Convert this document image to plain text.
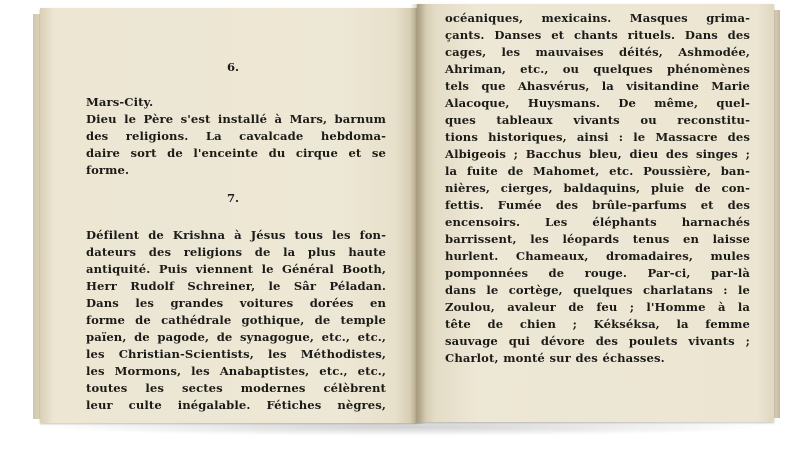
6.
Mars-City.
Dieu le Père s'est installé à Mars, barnum
des religions. La cavalcade hebdoma-
daire sort de l'enceinte du cirque et se
forme.
7.
Défilent de Krishna à Jésus tous les fon-
dateurs des religions de la plus haute
antiquité. Puis viennent le Général Booth,
Herr Rudolf Schreiner, le Sâr Péladan.
Dans les grandes voitures dorées en
forme de cathédrale gothique, de temple
païen, de pagode, de synagogue, etc., etc.,
les Christian-Scientists, les Méthodistes,
les Mormons, les Anabaptistes, etc., etc.,
toutes les sectes modernes célèbrent
leur culte inégalable. Fétiches nègres,
océaniques, mexicains. Masques grima-
çants. Danses et chants rituels. Dans des
cages, les mauvaises déités, Ashmodée,
Ahriman, etc., ou quelques phénomènes
tels que Ahasvérus, la visitandine Marie
Alacoque, Huysmans. De même, quel-
ques tableaux vivants ou reconstitu-
tions historiques, ainsi : le Massacre des
Albigeois ; Bacchus bleu, dieu des singes ;
la fuite de Mahomet, etc. Poussière, ban-
nières, cierges, baldaquins, pluie de con-
fettis. Fumée des brûle-parfums et des
encensoirs. Les éléphants harnachés
barrissent, les léopards tenus en laisse
hurlent. Chameaux, dromadaires, mules
pomponnées de rouge. Par-ci, par-là
dans le cortège, quelques charlatans : le
Zoulou, avaleur de feu ; l'Homme à la
tête de chien ; Kékséksa, la femme
sauvage qui dévore des poulets vivants ;
Charlot, monté sur des échasses.
